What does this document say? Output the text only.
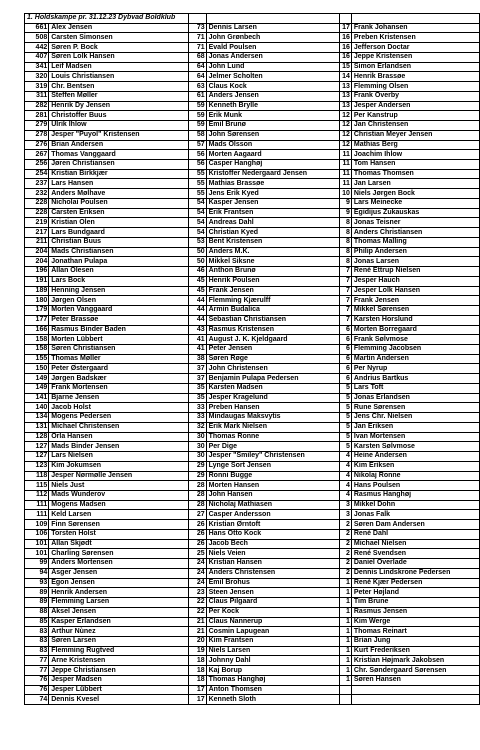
1. Holdskampe pr. 31.12.23 Dybvad Boldklub					
661	Alex Jensen	73	Dennis Larsen	17	Frank Johansen
508	Carsten Simonsen	71	John Grønbech	16	Preben Kristensen
442	Søren P. Bock	71	Evald Poulsen	16	Jefferson Doctar
407	Søren Lolk Hansen	68	Jonas Andersen	16	Jeppe Kristensen
341	Leif Madsen	64	John Lund	15	Simon Erlandsen
320	Louis Christiansen	64	Jelmer Scholten	14	Henrik Brassøe
319	Chr. Bentsen	63	Claus Kock	13	Flemming Olsen
311	Steffen Møller	61	Anders Jensen	13	Frank Overby
282	Henrik Dy Jensen	59	Kenneth Brylle	13	Jesper Andersen
281	Christoffer Buus	59	Erik Munk	12	Per Kanstrup
279	Ulrik Ihlow	59	Emil Brunø	12	Jan Christensen
278	Jesper "Puyol" Kristensen	58	John Sørensen	12	Christian Meyer Jensen
276	Brian Andersen	57	Mads Olsson	12	Mathias Berg
267	Thomas Vanggaard	56	Morten Aagaard	11	Joachim Ihlow
256	Jøren Christiansen	56	Casper Hanghøj	11	Tom Hansen
254	Kristian Birkkjær	55	Kristoffer Nedergaard Jensen	11	Thomas Thomsen
237	Lars Hansen	55	Mathias Brassøe	11	Jan Larsen
232	Anders Mølhave	55	Jens Erik Kyed	10	Niels Jørgen Bock
228	Nicholai Poulsen	54	Kasper Jensen	9	Lars Meinecke
228	Carsten Eriksen	54	Erik Frantsen	9	Egidijus Zukauskas
219	Kristian Olen	54	Andreas Dahl	8	Jonas Teisner
217	Lars Bundgaard	54	Christian Kyed	8	Anders Christiansen
211	Christian Buus	53	Bent Kristensen	8	Thomas Malling
204	Mads Christiansen	50	Anders M.K.	8	Philip Andersen
204	Jonathan Pulapa	50	Mikkel Siksne	8	Jonas Larsen
196	Allan Olesen	46	Anthon Brunø	7	René Ettrup Nielsen
191	Lars Bock	45	Henrik Poulsen	7	Jesper Hauch
189	Henning Jensen	45	Frank Jensen	7	Jesper Lolk Hansen
180	Jørgen Olsen	44	Flemming Kjærulff	7	Frank Jensen
179	Morten Vanggaard	44	Armin Budalica	7	Mikkel Sørensen
177	Peter Brassøe	44	Sebastian Christiansen	7	Karsten Horslund
166	Rasmus Binder Baden	43	Rasmus Kristensen	6	Morten Borregaard
158	Morten Lübbert	41	August J. K. Kjeldgaard	6	Frank Sølvmose
158	Søren Christiansen	41	Peter Jensen	6	Flemming Jacobsen
155	Thomas Møller	38	Søren Røge	6	Martin Andersen
150	Peter Østergaard	37	John Christensen	6	Per Nyrup
149	Jørgen Badskær	37	Benjamin Pulapa Pedersen	6	Andrius Bartkus
149	Frank Mortensen	35	Karsten Madsen	5	Lars Toft
141	Bjarne Jensen	35	Jesper Kragelund	5	Jonas Erlandsen
140	Jacob Holst	33	Preben Hansen	5	Rune Sørensen
134	Mogens Pedersen	33	Mindaugas Maksvytis	5	Jens Chr. Nielsen
131	Michael Christensen	32	Erik Mark Nielsen	5	Jan Eriksen
128	Orla Hansen	30	Thomas Ronne	5	Ivan Mortensen
127	Mads Binder Jensen	30	Per Dige	5	Karsten Sølvmose
127	Lars Nielsen	30	Jesper "Smiley" Christensen	4	Heine Andersen
123	Kim Jokumsen	29	Lynge Sort Jensen	4	Kim Eriksen
118	Jesper Nørmølle Jensen	29	Ronni Bugge	4	Nikolaj Ronne
115	Niels Just	28	Morten Hansen	4	Hans Poulsen
112	Mads Wunderov	28	John Hansen	4	Rasmus Hanghøj
111	Mogens Madsen	28	Nicholaj Mathiasen	3	Mikkel Dohn
111	Keld Larsen	27	Casper Andersson	3	Jonas Falk
109	Finn Sørensen	26	Kristian Ørntoft	2	Søren Dam Andersen
106	Torsten Holst	26	Hans Otto Kock	2	René Dahl
101	Allan Skjødt	26	Jacob Bech	2	Michael Nielsen
101	Charling Sørensen	25	Niels Veien	2	René Svendsen
99	Anders Mortensen	24	Kristian Hansen	2	Daniel Overlade
94	Asger Jensen	24	Anders Christensen	2	Dennis Lindskrone Pedersen
93	Egon Jensen	24	Emil Brohus	1	René Kjær Pedersen
89	Henrik Andersen	23	Steen Jensen	1	Peter Højland
89	Flemming Larsen	22	Claus Pilgaard	1	Tim Brune
88	Aksel Jensen	22	Per Kock	1	Rasmus Jensen
85	Kasper Erlandsen	21	Claus Nannerup	1	Kim Werge
83	Arthur Nùnez	21	Cosmin Lapugean	1	Thomas Reinart
83	Søren Larsen	20	Kim Frantsen	1	Brian Jung
83	Flemming Rugtved	19	Niels Larsen	1	Kurt Frederiksen
77	Arne Kristensen	18	Johnny Dahl	1	Kristian Højmark Jakobsen
77	Jeppe Christiansen	18	Kaj Borup	1	Chr. Søndergaard Sørensen
76	Jesper Madsen	18	Thomas Hanghøj	1	Søren Hansen
76	Jesper Lübbert	17	Anton Thomsen		
74	Dennis Kvesel	17	Kenneth Sloth		
